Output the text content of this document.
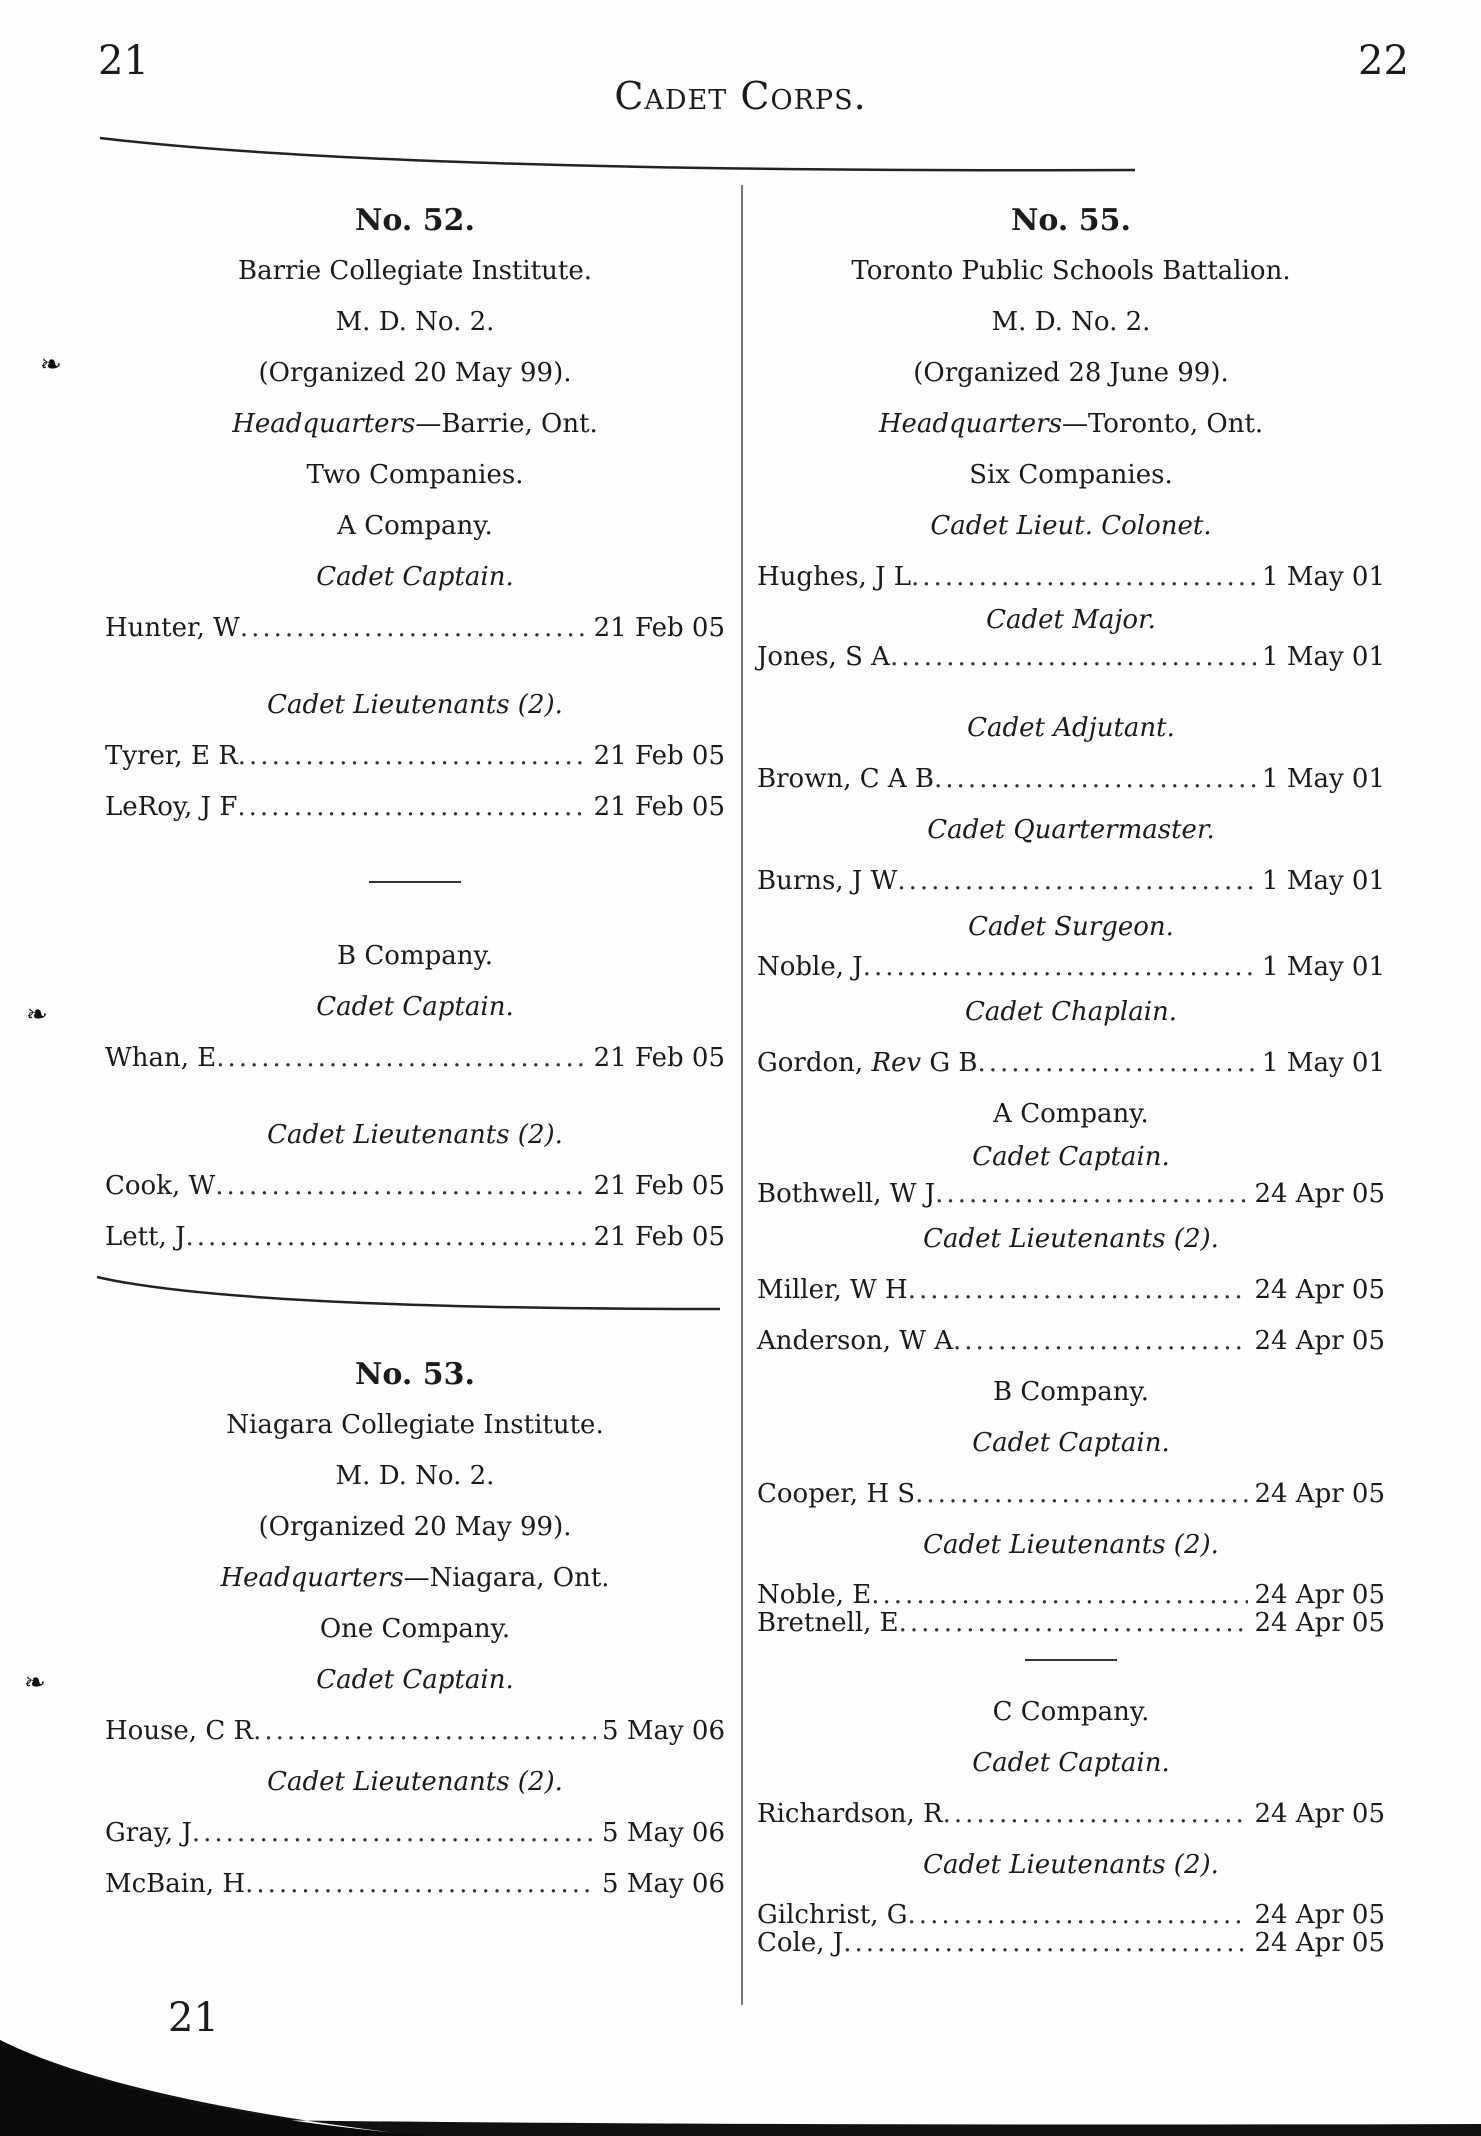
21
Cadet Corps.
22
No. 52.
Barrie Collegiate Institute.
M. D. No. 2.
(Organized 20 May 99).
Headquarters—Barrie, Ont.
Two Companies.
A Company.
Cadet Captain.
Hunter, W .....	21 Feb 05
Cadet Lieutenants (2).
Tyrer, E R .....	21 Feb 05
LeRoy, J F .....	21 Feb 05
B Company.
Cadet Captain.
Whan, E .....	21 Feb 05
Cadet Lieutenants (2).
Cook, W .....	21 Feb 05
Lett, J .....	21 Feb 05
No. 53.
Niagara Collegiate Institute.
M. D. No. 2.
(Organized 20 May 99).
Headquarters—Niagara, Ont.
One Company.
Cadet Captain.
House, C R .....	5 May 06
Cadet Lieutenants (2).
Gray, J .....	5 May 06
McBain, H .....	5 May 06
No. 55.
Toronto Public Schools Battalion.
M. D. No. 2.
(Organized 28 June 99).
Headquarters—Toronto, Ont.
Six Companies.
Cadet Lieut. Colonet.
Hughes, J L .....	1 May 01
Cadet Major.
Jones, S A .....	1 May 01
Cadet Adjutant.
Brown, C A B .....	1 May 01
Cadet Quartermaster.
Burns, J W .....	1 May 01
Cadet Surgeon.
Noble, J .....	1 May 01
Cadet Chaplain.
Gordon, Rev G B .....	1 May 01
A Company.
Cadet Captain.
Bothwell, W J .....	24 Apr 05
Cadet Lieutenants (2).
Miller, W H .....	24 Apr 05
Anderson, W A .....	24 Apr 05
B Company.
Cadet Captain.
Cooper, H S .....	24 Apr 05
Cadet Lieutenants (2).
Noble, E .....	24 Apr 05
Bretnell, E .....	24 Apr 05
C Company.
Cadet Captain.
Richardson, R .....	24 Apr 05
Cadet Lieutenants (2).
Gilchrist, G .....	24 Apr 05
Cole, J .....	24 Apr 05
21
❧
❧
❧
